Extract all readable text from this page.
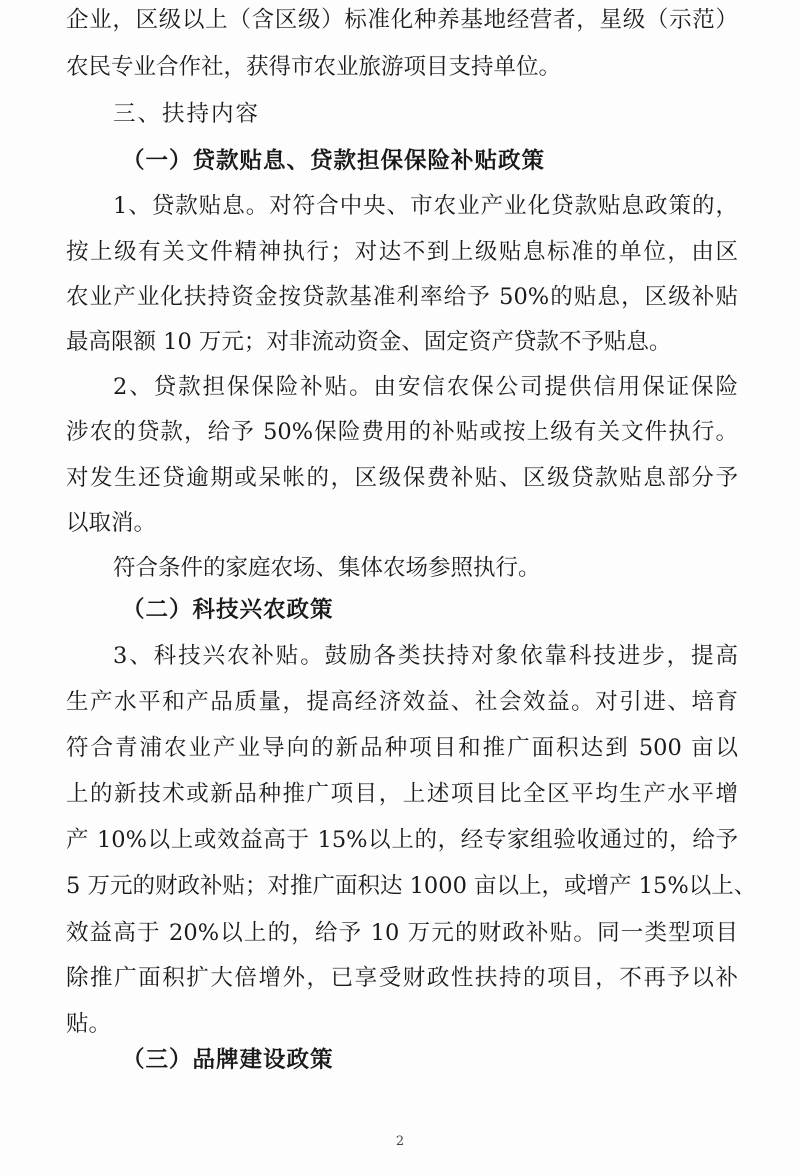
企业，区级以上（含区级）标准化种养基地经营者，星级（示范）
农民专业合作社，获得市农业旅游项目支持单位。
三、扶持内容
（一）贷款贴息、贷款担保保险补贴政策
1、贷款贴息。对符合中央、市农业产业化贷款贴息政策的，
按上级有关文件精神执行；对达不到上级贴息标准的单位，由区
农业产业化扶持资金按贷款基准利率给予 50%的贴息，区级补贴
最高限额 10 万元；对非流动资金、固定资产贷款不予贴息。
2、贷款担保保险补贴。由安信农保公司提供信用保证保险
涉农的贷款，给予 50%保险费用的补贴或按上级有关文件执行。
对发生还贷逾期或呆帐的，区级保费补贴、区级贷款贴息部分予
以取消。
符合条件的家庭农场、集体农场参照执行。
（二）科技兴农政策
3、科技兴农补贴。鼓励各类扶持对象依靠科技进步，提高
生产水平和产品质量，提高经济效益、社会效益。对引进、培育
符合青浦农业产业导向的新品种项目和推广面积达到 500 亩以
上的新技术或新品种推广项目，上述项目比全区平均生产水平增
产 10%以上或效益高于 15%以上的，经专家组验收通过的，给予
5 万元的财政补贴；对推广面积达 1000 亩以上，或增产 15%以上、
效益高于 20%以上的，给予 10 万元的财政补贴。同一类型项目
除推广面积扩大倍增外，已享受财政性扶持的项目，不再予以补
贴。
（三）品牌建设政策
2
